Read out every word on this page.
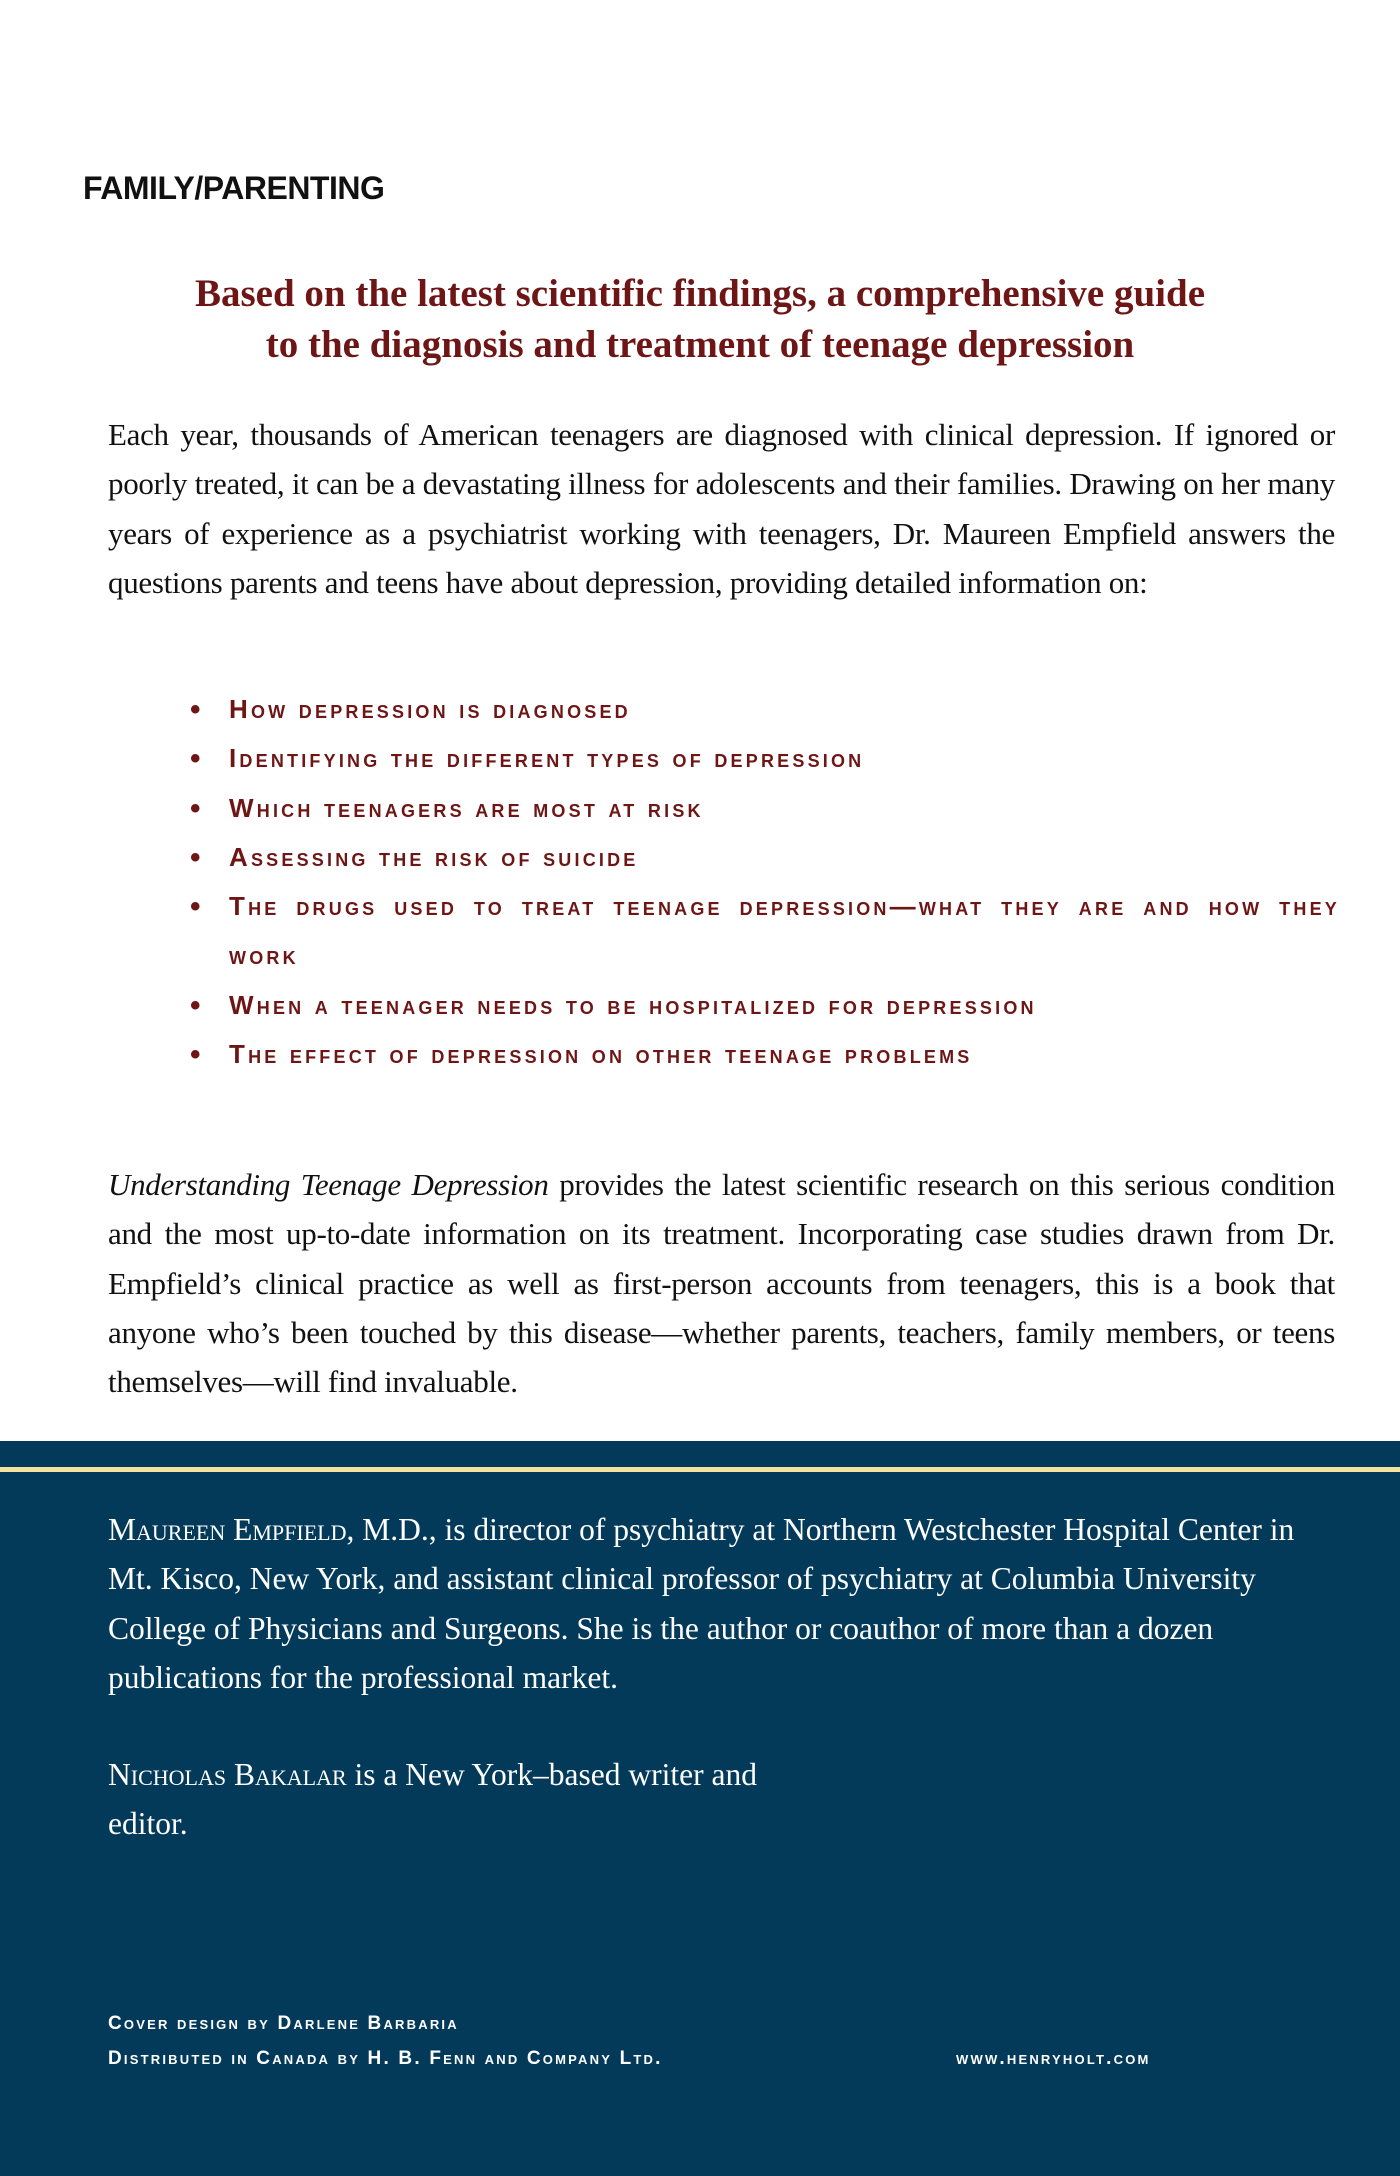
FAMILY/PARENTING
Based on the latest scientific findings, a comprehensive guide
to the diagnosis and treatment of teenage depression
Each year, thousands of American teenagers are diagnosed with clinical depression. If ignored or poorly treated, it can be a devastating illness for adolescents and their families. Drawing on her many years of experience as a psychiatrist working with teenagers, Dr. Maureen Empfield answers the questions parents and teens have about depression, providing detailed information on:
• How depression is diagnosed
• Identifying the different types of depression
• Which teenagers are most at risk
• Assessing the risk of suicide
• The drugs used to treat teenage depression—what they are and how they work
• When a teenager needs to be hospitalized for depression
• The effect of depression on other teenage problems
Understanding Teenage Depression provides the latest scientific research on this serious condition and the most up-to-date information on its treatment. Incorporating case studies drawn from Dr. Empfield’s clinical practice as well as first-person accounts from teenagers, this is a book that anyone who’s been touched by this disease—whether parents, teachers, family members, or teens themselves—will find invaluable.
Maureen Empfield, M.D., is director of psychiatry at Northern Westchester Hospital Center in Mt. Kisco, New York, and assistant clinical professor of psychiatry at Columbia University College of Physicians and Surgeons. She is the author or coauthor of more than a dozen publications for the professional market.
Nicholas Bakalar is a New York–based writer and editor.
Cover design by Darlene Barbaria
Distributed in Canada by H. B. Fenn and Company Ltd.	www.henryholt.com
